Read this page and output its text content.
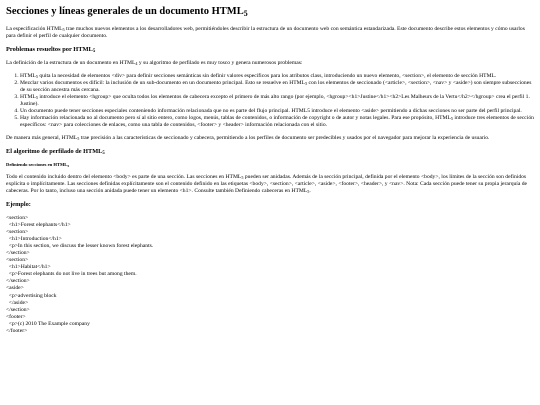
Secciones y líneas generales de un documento $HTML_5$

La especificación $HTML_5$ trae muchos nuevos elementos a los desarrolladores web, permitiéndoles describir la estructura de un documento web con semántica estandarizada. Este documento describe estos elementos y cómo usarlos para definir el perfil de cualquier documento.

Problemas resueltos por $HTML_5$

La definición de la estructura de un documento en $HTML_4$ y su algoritmo de perfilado es muy tosco y genera numerosos problemas:

1. $HTML_5$ quita la necesidad de elementos <div> para definir secciones semánticas sin definir valores específicos para los atributos class, introduciendo un nuevo elemento, <section>, el elemento de sección HTML.
2. Mezclar varios documentos es difícil: la inclusión de un sub-documento en un documento principal. Esto se resuelve en $HTML_5$ con los elementos de seccionado (<article>, <section>, <nav> y <aside>) son siempre subsecciones de su sección ancestra más cercana.
3. $HTML_5$ introduce el elemento <hgroup> que oculta todos los elementos de cabecera excepto el primero de más alto rango (por ejemplo, <hgroup><h1>Justine</h1><h2>Les Malheurs de la Vertu</h2></hgroup> crea el perfil 1. Justine).
4. Un documento puede tener secciones especiales conteniendo información relacionada que no es parte del flujo principal. HTML5 introduce el elemento <aside> permitiendo a dichas secciones no ser parte del perfil principal.
5. Hay información relacionada no al documento pero sí al sitio entero, como logos, menús, tablas de contenidos, o información de copyright o de autor y notas legales. Para ese propósito, $HTML_5$ introduce tres elementos de sección específicos: <nav> para colecciones de enlaces, como una tabla de contenidos, <footer> y <header> información relacionada con el sitio.

De manera más general, $HTML_5$ trae precisión a las características de seccionado y cabecera, permitiendo a los perfiles de documento ser predecibles y usados por el navegador para mejorar la experiencia de usuario.

El algoritmo de perfilado de $HTML_5$
Definiendo secciones en $HTML_5$

Todo el contenido incluido dentro del elemento <body> es parte de una sección. Las secciones en $HTML_5$ pueden ser anidadas. Además de la sección principal, definida por el elemento <body>, los límites de la sección son definidos explícita o implícitamente. Las secciones definidas explícitamente son el contenido definido en las etiquetas <body>, <section>, <article>, <aside>, <footer>, <header>, y <nav>. Nota: Cada sección puede tener su propia jerarquía de cabeceras. Por lo tanto, incluso una sección anidada puede tener un elemento <h1>. Consulte también Definiendo cabeceras en $HTML_5$.

Ejemplo:
<section>
<h1>Forest elephants</h1>
<section>
<h1>Introduction</h1>
<p>In this section, we discuss the lesser known forest elephants.
</section>
<section>
<h1>Habitat</h1>
<p>Forest elephants do not live in trees but among them.
</section>
<aside>
<p>advertising block
</aside>
</section>
<footer>
<p>(c) 2010 The Example company
</footer>
